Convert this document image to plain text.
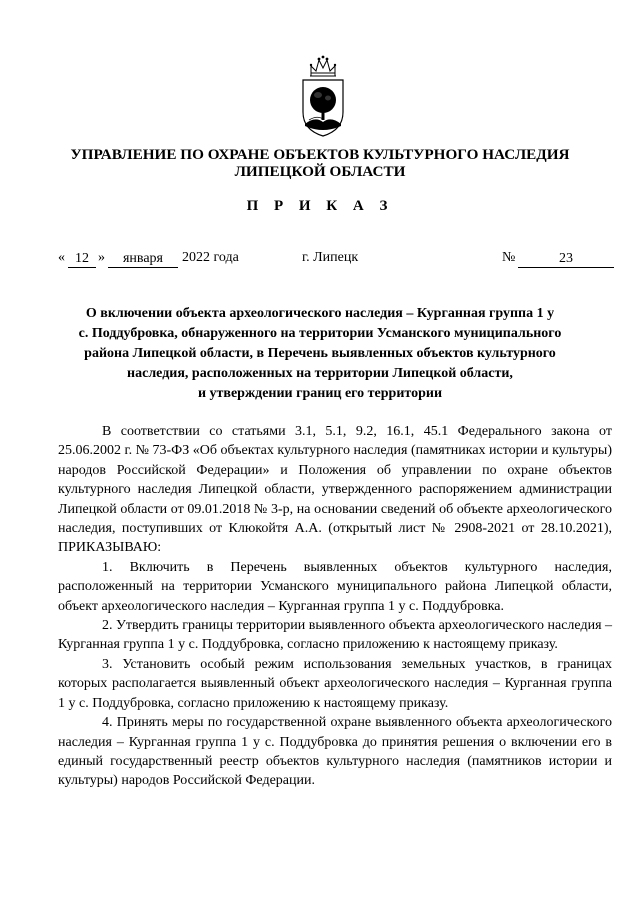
УПРАВЛЕНИЕ ПО ОХРАНЕ ОБЪЕКТОВ КУЛЬТУРНОГО НАСЛЕДИЯ
ЛИПЕЦКОЙ ОБЛАСТИ
П Р И К А З
« 12 »	января	2022 года	г. Липецк	№	23
О включении объекта археологического наследия – Курганная группа 1 у
с. Поддубровка, обнаруженного на территории Усманского муниципального
района Липецкой области, в Перечень выявленных объектов культурного
наследия, расположенных на территории Липецкой области,
и утверждении границ его территории

В соответствии со статьями 3.1, 5.1, 9.2, 16.1, 45.1 Федерального закона от 25.06.2002 г. № 73-ФЗ «Об объектах культурного наследия (памятниках истории и культуры) народов Российской Федерации» и Положения об управлении по охране объектов культурного наследия Липецкой области, утвержденного распоряжением администрации Липецкой области от 09.01.2018 № 3-р, на основании сведений об объекте археологического наследия, поступивших от Клюкойтя А.А. (открытый лист № 2908-2021 от 28.10.2021), ПРИКАЗЫВАЮ:

1. Включить в Перечень выявленных объектов культурного наследия, расположенный на территории Усманского муниципального района Липецкой области, объект археологического наследия – Курганная группа 1 у с. Поддубровка.

2. Утвердить границы территории выявленного объекта археологического наследия – Курганная группа 1 у с. Поддубровка, согласно приложению к настоящему приказу.

3. Установить особый режим использования земельных участков, в границах которых располагается выявленный объект археологического наследия – Курганная группа 1 у с. Поддубровка, согласно приложению к настоящему приказу.

4. Принять меры по государственной охране выявленного объекта археологического наследия – Курганная группа 1 у с. Поддубровка до принятия решения о включении его в единый государственный реестр объектов культурного наследия (памятников истории и культуры) народов Российской Федерации.
